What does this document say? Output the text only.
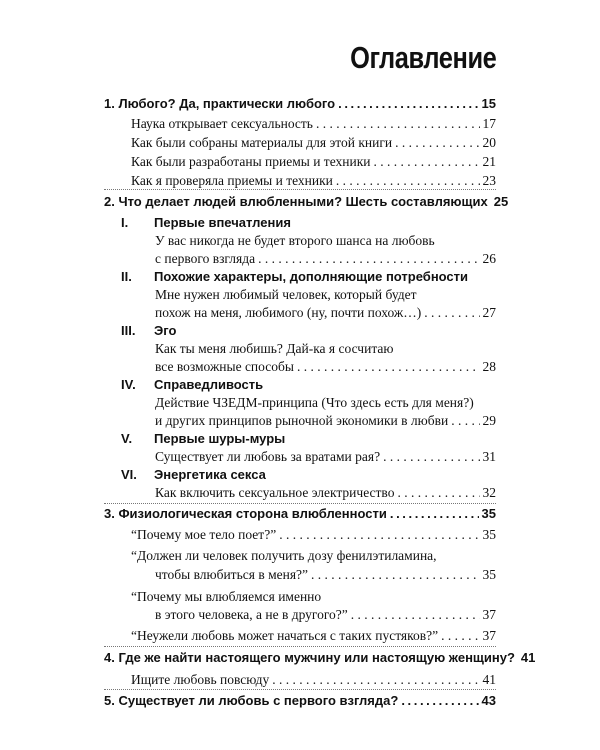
Оглавление
1. Любого? Да, практически любого .....	15
Наука открывает сексуальность . . .	17
Как были собраны материалы для этой книги . . .	20
Как были разработаны приемы и техники . . .	21
Как я проверяла приемы и техники . . .	23
2. Что делает людей влюбленными? Шесть составляющих 25
I.	Первые впечатления
У вас никогда не будет второго шанса на любовь
с первого взгляда . . .	26
II.	Похожие характеры, дополняющие потребности
Мне нужен любимый человек, который будет
похож на меня, любимого (ну, почти похож…) . . .	27
III.	Эго
Как ты меня любишь? Дай-ка я сосчитаю
все возможные способы . . .	28
IV.	Справедливость
Действие ЧЗЕДМ-принципа (Что здесь есть для меня?)
и других принципов рыночной экономики в любви . . .	29
V.	Первые шуры-муры
Существует ли любовь за вратами рая? . . .	31
VI.	Энергетика секса
Как включить сексуальное электричество . . .	32
3. Физиологическая сторона влюбленности .....	35
“Почему мое тело поет?” . . .	35
“Должен ли человек получить дозу фенилэтиламина,
чтобы влюбиться в меня?” . . .	35
“Почему мы влюбляемся именно
в этого человека, а не в другого?” . . .	37
“Неужели любовь может начаться с таких пустяков?” . . .	37
4. Где же найти настоящего мужчину или настоящую женщину? 41
Ищите любовь повсюду . . .	41
5. Существует ли любовь с первого взгляда? .....	43
